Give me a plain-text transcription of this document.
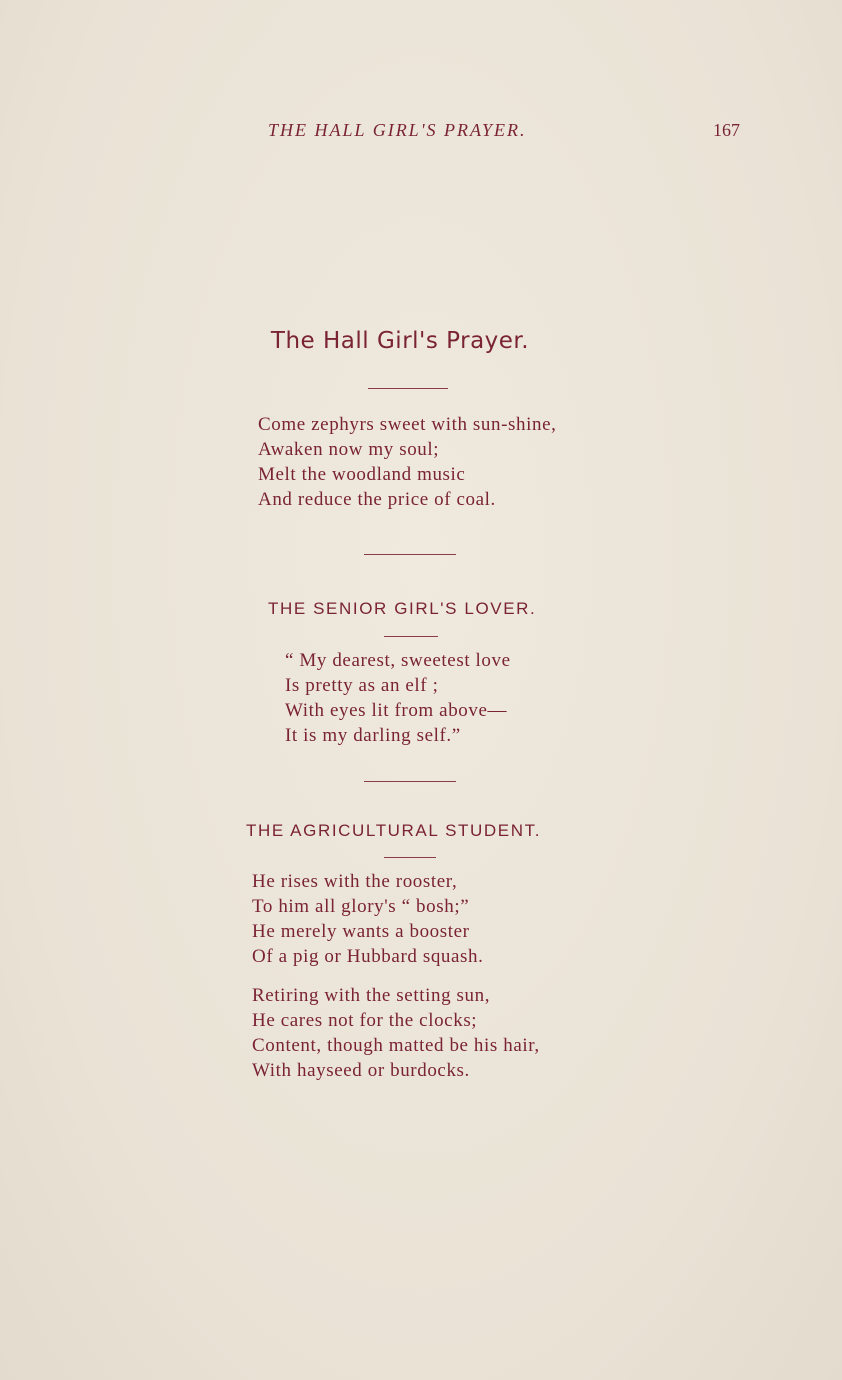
THE HALL GIRL'S PRAYER.	167
The Hall Girl's Prayer.
Come zephyrs sweet with sun-shine,
Awaken now my soul;
Melt the woodland music
And reduce the price of coal.
THE SENIOR GIRL'S LOVER.
“ My dearest, sweetest love
Is pretty as an elf ;
With eyes lit from above—
It is my darling self.”
THE AGRICULTURAL STUDENT.
He rises with the rooster,
To him all glory's “ bosh;”
He merely wants a booster
Of a pig or Hubbard squash.
Retiring with the setting sun,
He cares not for the clocks;
Content, though matted be his hair,
With hayseed or burdocks.
